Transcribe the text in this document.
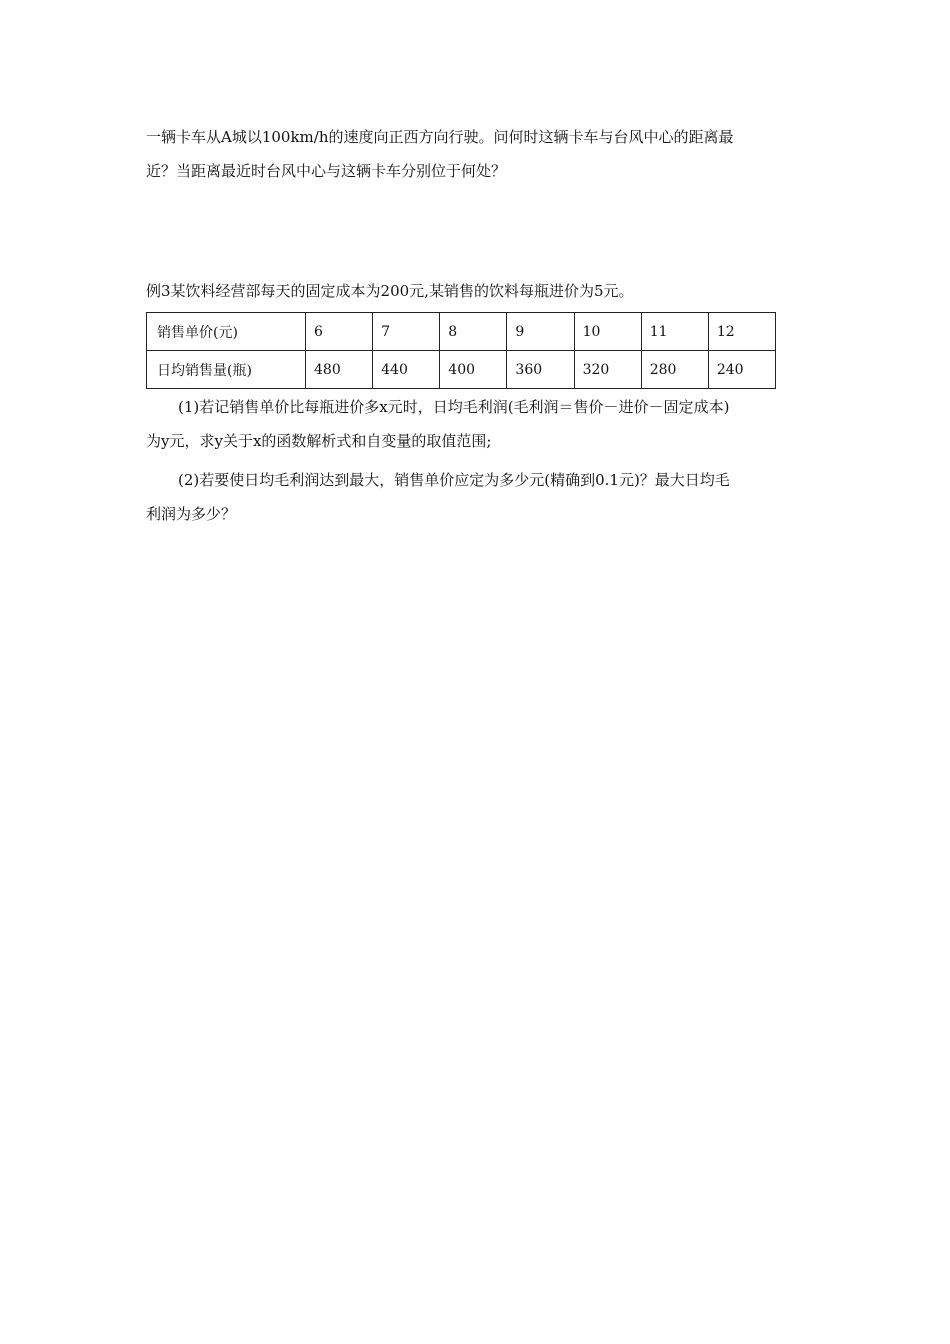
一辆卡车从A城以100km/h的速度向正西方向行驶。问何时这辆卡车与台风中心的距离最

近？当距离最近时台风中心与这辆卡车分别位于何处？

例3某饮料经营部每天的固定成本为200元,某销售的饮料每瓶进价为5元。

销售单价(元)	6	7	8	9	10	11	12
日均销售量(瓶)	480	440	400	360	320	280	240

(1)若记销售单价比每瓶进价多x元时，日均毛利润(毛利润＝售价－进价－固定成本)

为y元，求y关于x的函数解析式和自变量的取值范围;

(2)若要使日均毛利润达到最大，销售单价应定为多少元(精确到0.1元)？最大日均毛

利润为多少？
